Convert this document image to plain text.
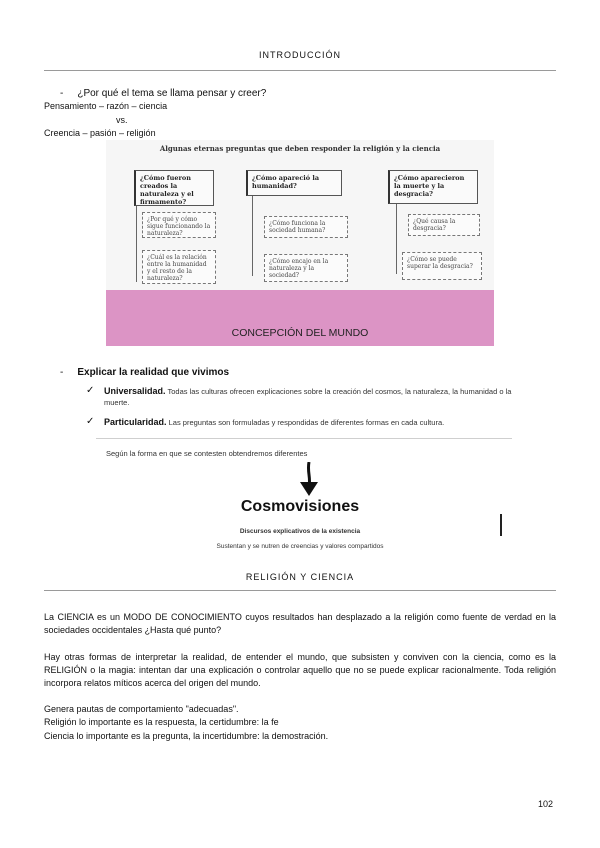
INTRODUCCIÓN
- ¿Por qué el tema se llama pensar y creer?
Pensamiento – razón – ciencia
vs.
Creencia – pasión – religión
Algunas eternas preguntas que deben responder la religión y la ciencia
¿Cómo fueron creados la naturaleza y el firmamento?
¿Por qué y cómo sigue funcionando la naturaleza?
¿Cuál es la relación entre la humanidad y el resto de la naturaleza?
¿Cómo apareció la humanidad?
¿Cómo funciona la sociedad humana?
¿Cómo encajo en la naturaleza y la sociedad?
¿Cómo aparecieron la muerte y la desgracia?
¿Qué causa la desgracia?
¿Cómo se puede superar la desgracia?
CONCEPCIÓN DEL MUNDO
- Explicar la realidad que vivimos
✓ Universalidad. Todas las culturas ofrecen explicaciones sobre la creación del cosmos, la naturaleza, la humanidad o la muerte.
✓ Particularidad. Las preguntas son formuladas y respondidas de diferentes formas en cada cultura.
Según la forma en que se contesten obtendremos diferentes
Cosmovisiones
Discursos explicativos de la existencia
Sustentan y se nutren de creencias y valores compartidos
RELIGIÓN Y CIENCIA
La CIENCIA es un MODO DE CONOCIMIENTO cuyos resultados han desplazado a la religión como fuente de verdad en la sociedades occidentales ¿Hasta qué punto?
Hay otras formas de interpretar la realidad, de entender el mundo, que subsisten y conviven con la ciencia, como es la RELIGIÓN o la magia: intentan dar una explicación o controlar aquello que no se puede explicar racionalmente. Toda religión incorpora relatos míticos acerca del origen del mundo.
Genera pautas de comportamiento "adecuadas".
Religión lo importante es la respuesta, la certidumbre: la fe
Ciencia lo importante es la pregunta, la incertidumbre: la demostración.
102
